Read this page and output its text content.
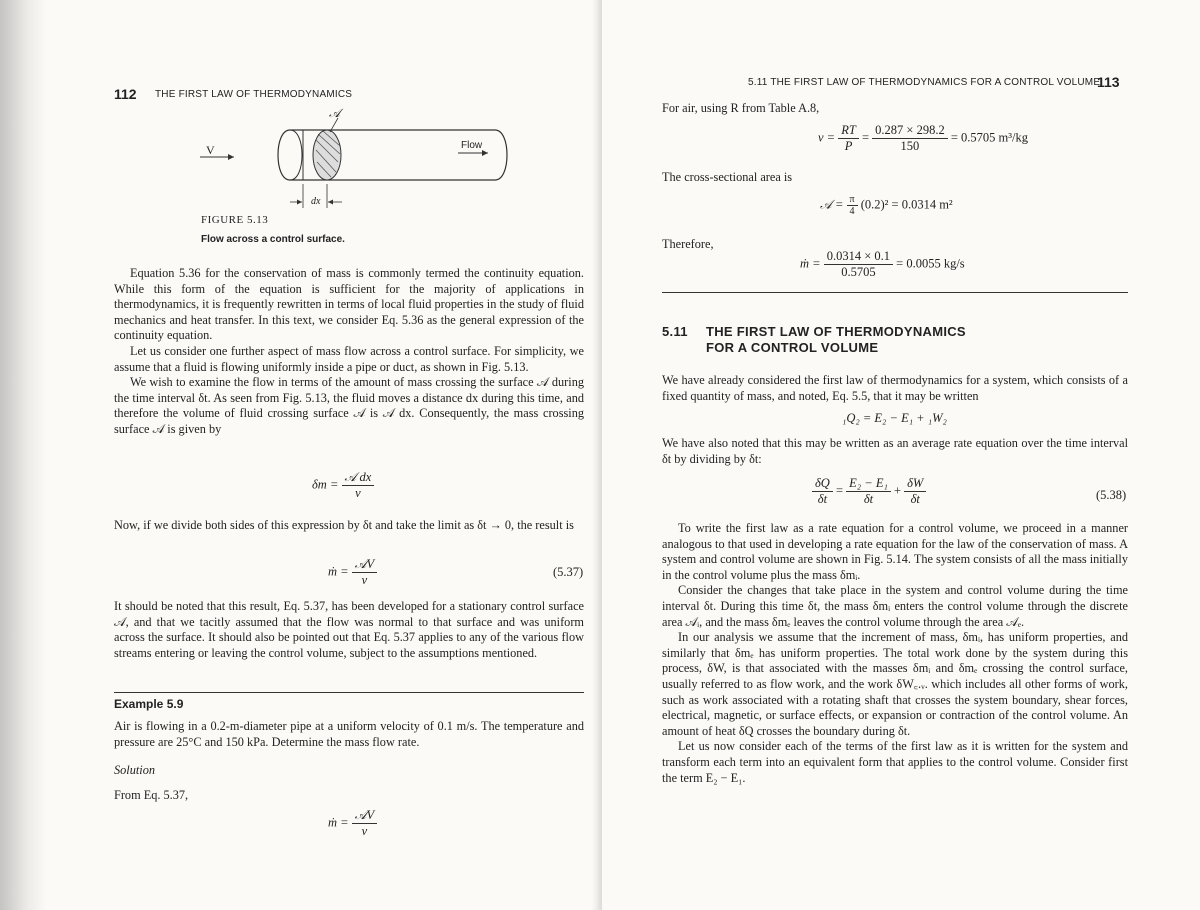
112 THE FIRST LAW OF THERMODYNAMICS
𝒜
V	Flow
dx
FIGURE 5.13
Flow across a control surface.

Equation 5.36 for the conservation of mass is commonly termed the continuity equation. While this form of the equation is sufficient for the majority of applications in thermodynamics, it is frequently rewritten in terms of local fluid properties in the study of fluid mechanics and heat transfer. In this text, we consider Eq. 5.36 as the general expression of the continuity equation.

Let us consider one further aspect of mass flow across a control surface. For simplicity, we assume that a fluid is flowing uniformly inside a pipe or duct, as shown in Fig. 5.13.

We wish to examine the flow in terms of the amount of mass crossing the surface 𝒜 during the time interval δt. As seen from Fig. 5.13, the fluid moves a distance dx during this time, and therefore the volume of fluid crossing surface 𝒜 is 𝒜 dx. Consequently, the mass crossing surface 𝒜 is given by

$\delta m = \frac{\text{𝒜 dx}}{v}$

Now, if we divide both sides of this expression by δt and take the limit as δt → 0, the result is

ṁ = $\frac{\text{𝒜V}}{v}$	(5.37)

It should be noted that this result, Eq. 5.37, has been developed for a stationary control surface 𝒜, and that we tacitly assumed that the flow was normal to that surface and was uniform across the surface. It should also be pointed out that Eq. 5.37 applies to any of the various flow streams entering or leaving the control volume, subject to the assumptions mentioned.

Example 5.9

Air is flowing in a 0.2-m-diameter pipe at a uniform velocity of 0.1 m/s. The temperature and pressure are 25°C and 150 kPa. Determine the mass flow rate.

Solution
From Eq. 5.37,
ṁ = $\frac{\text{𝒜V}}{v}$
5.11 THE FIRST LAW OF THERMODYNAMICS FOR A CONTROL VOLUME
113
For air, using R from Table A.8,
$v = \frac{RT}{P} = \frac{0.287 \times 298.2}{150} = 0.5705$ m³/kg
The cross-sectional area is
𝒜 = $\frac{\pi}{4} (0.2)^2 = 0.0314$ m²
Therefore,
ṁ = $\frac{0.0314 \times 0.1}{0.5705} = 0.0055$ kg/s
5.11 THE FIRST LAW OF THERMODYNAMICS
FOR A CONTROL VOLUME

We have already considered the first law of thermodynamics for a system, which consists of a fixed quantity of mass, and noted, Eq. 5.5, that it may be written

₁Q₂ = E₂ − E₁ + ₁W₂

We have also noted that this may be written as an average rate equation over the time interval δt by dividing by δt:

$\frac{\delta Q}{\delta t} = \frac{\text{E₂ − E₁}}{\delta t} + \frac{\delta W}{\delta t}$	(5.38)

To write the first law as a rate equation for a control volume, we proceed in a manner analogous to that used in developing a rate equation for the law of the conservation of mass. A system and control volume are shown in Fig. 5.14. The system consists of all the mass initially in the control volume plus the mass δmᵢ.

Consider the changes that take place in the system and control volume during the time interval δt. During this time δt, the mass δmᵢ enters the control volume through the discrete area 𝒜ᵢ, and the mass δmₑ leaves the control volume through the area 𝒜ₑ.

In our analysis we assume that the increment of mass, δmᵢ, has uniform properties, and similarly that δmₑ has uniform properties. The total work done by the system during this process, δW, is that associated with the masses δmᵢ and δmₑ crossing the control surface, usually referred to as flow work, and the work δW꜀.ᵥ. which includes all other forms of work, such as work associated with a rotating shaft that crosses the system boundary, shear forces, electrical, magnetic, or surface effects, or expansion or contraction of the control volume. An amount of heat δQ crosses the boundary during δt.

Let us now consider each of the terms of the first law as it is written for the system and transform each term into an equivalent form that applies to the control volume. Consider first the term E₂ − E₁.
